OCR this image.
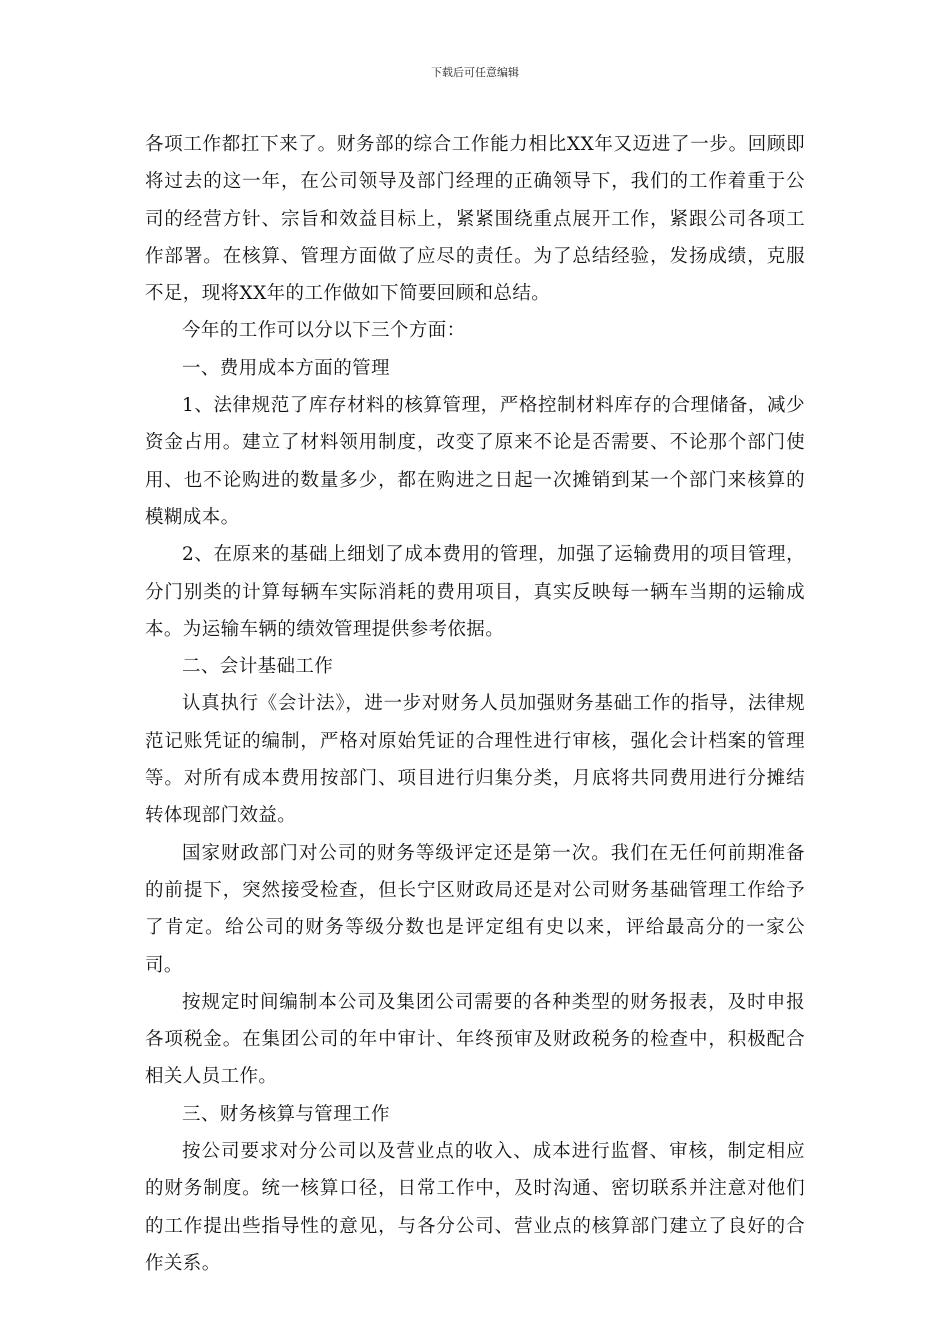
下载后可任意编辑

各项工作都扛下来了。财务部的综合工作能力相比XX年又迈进了一步。回顾即将过去的这一年，在公司领导及部门经理的正确领导下，我们的工作着重于公司的经营方针、宗旨和效益目标上，紧紧围绕重点展开工作，紧跟公司各项工作部署。在核算、管理方面做了应尽的责任。为了总结经验，发扬成绩，克服不足，现将XX年的工作做如下简要回顾和总结。

今年的工作可以分以下三个方面：

一、费用成本方面的管理

1、法律规范了库存材料的核算管理，严格控制材料库存的合理储备，减少资金占用。建立了材料领用制度，改变了原来不论是否需要、不论那个部门使用、也不论购进的数量多少，都在购进之日起一次摊销到某一个部门来核算的模糊成本。

2、在原来的基础上细划了成本费用的管理，加强了运输费用的项目管理，分门别类的计算每辆车实际消耗的费用项目，真实反映每一辆车当期的运输成本。为运输车辆的绩效管理提供参考依据。

二、会计基础工作

认真执行《会计法》，进一步对财务人员加强财务基础工作的指导，法律规范记账凭证的编制，严格对原始凭证的合理性进行审核，强化会计档案的管理等。对所有成本费用按部门、项目进行归集分类，月底将共同费用进行分摊结转体现部门效益。

国家财政部门对公司的财务等级评定还是第一次。我们在无任何前期准备的前提下，突然接受检查，但长宁区财政局还是对公司财务基础管理工作给予了肯定。给公司的财务等级分数也是评定组有史以来，评给最高分的一家公司。

按规定时间编制本公司及集团公司需要的各种类型的财务报表，及时申报各项税金。在集团公司的年中审计、年终预审及财政税务的检查中，积极配合相关人员工作。

三、财务核算与管理工作

按公司要求对分公司以及营业点的收入、成本进行监督、审核，制定相应的财务制度。统一核算口径，日常工作中，及时沟通、密切联系并注意对他们的工作提出些指导性的意见，与各分公司、营业点的核算部门建立了良好的合作关系。
